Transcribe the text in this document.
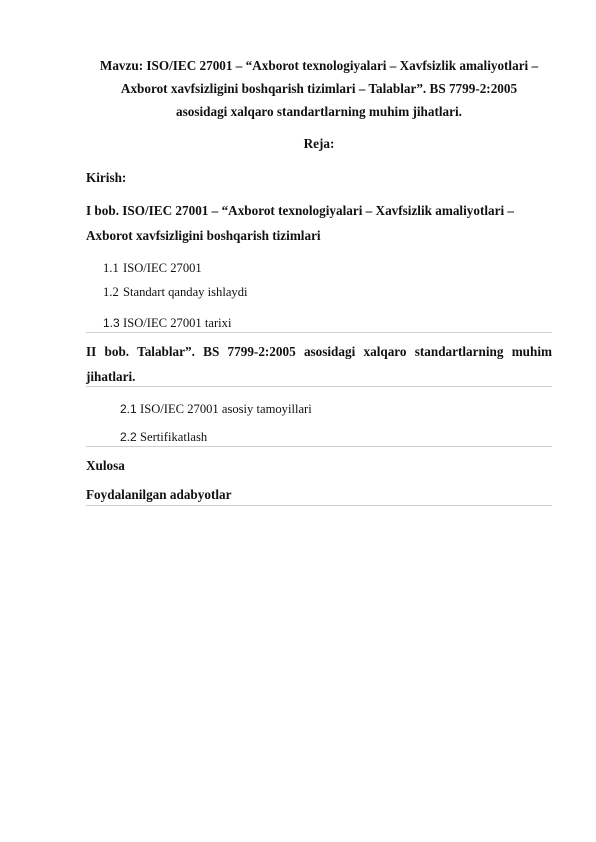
Mavzu: ISO/IEC 27001 – “Axborot texnologiyalari – Xavfsizlik amaliyotlari –
Axborot xavfsizligini boshqarish tizimlari – Talablar”. BS 7799-2:2005
asosidagi xalqaro standartlarning muhim jihatlari.
Reja:
Kirish:
I bob. ISO/IEC 27001 – “Axborot texnologiyalari – Xavfsizlik amaliyotlari –
Axborot xavfsizligini boshqarish tizimlari
1.1 ISO/IEC 27001
1.2 Standart qanday ishlaydi
1.3 ISO/IEC 27001 tarixi
II bob. Talablar”. BS 7799-2:2005 asosidagi xalqaro standartlarning muhim
jihatlari.
2.1 ISO/IEC 27001 asosiy tamoyillari
2.2 Sertifikatlash
Xulosa
Foydalanilgan adabyotlar
